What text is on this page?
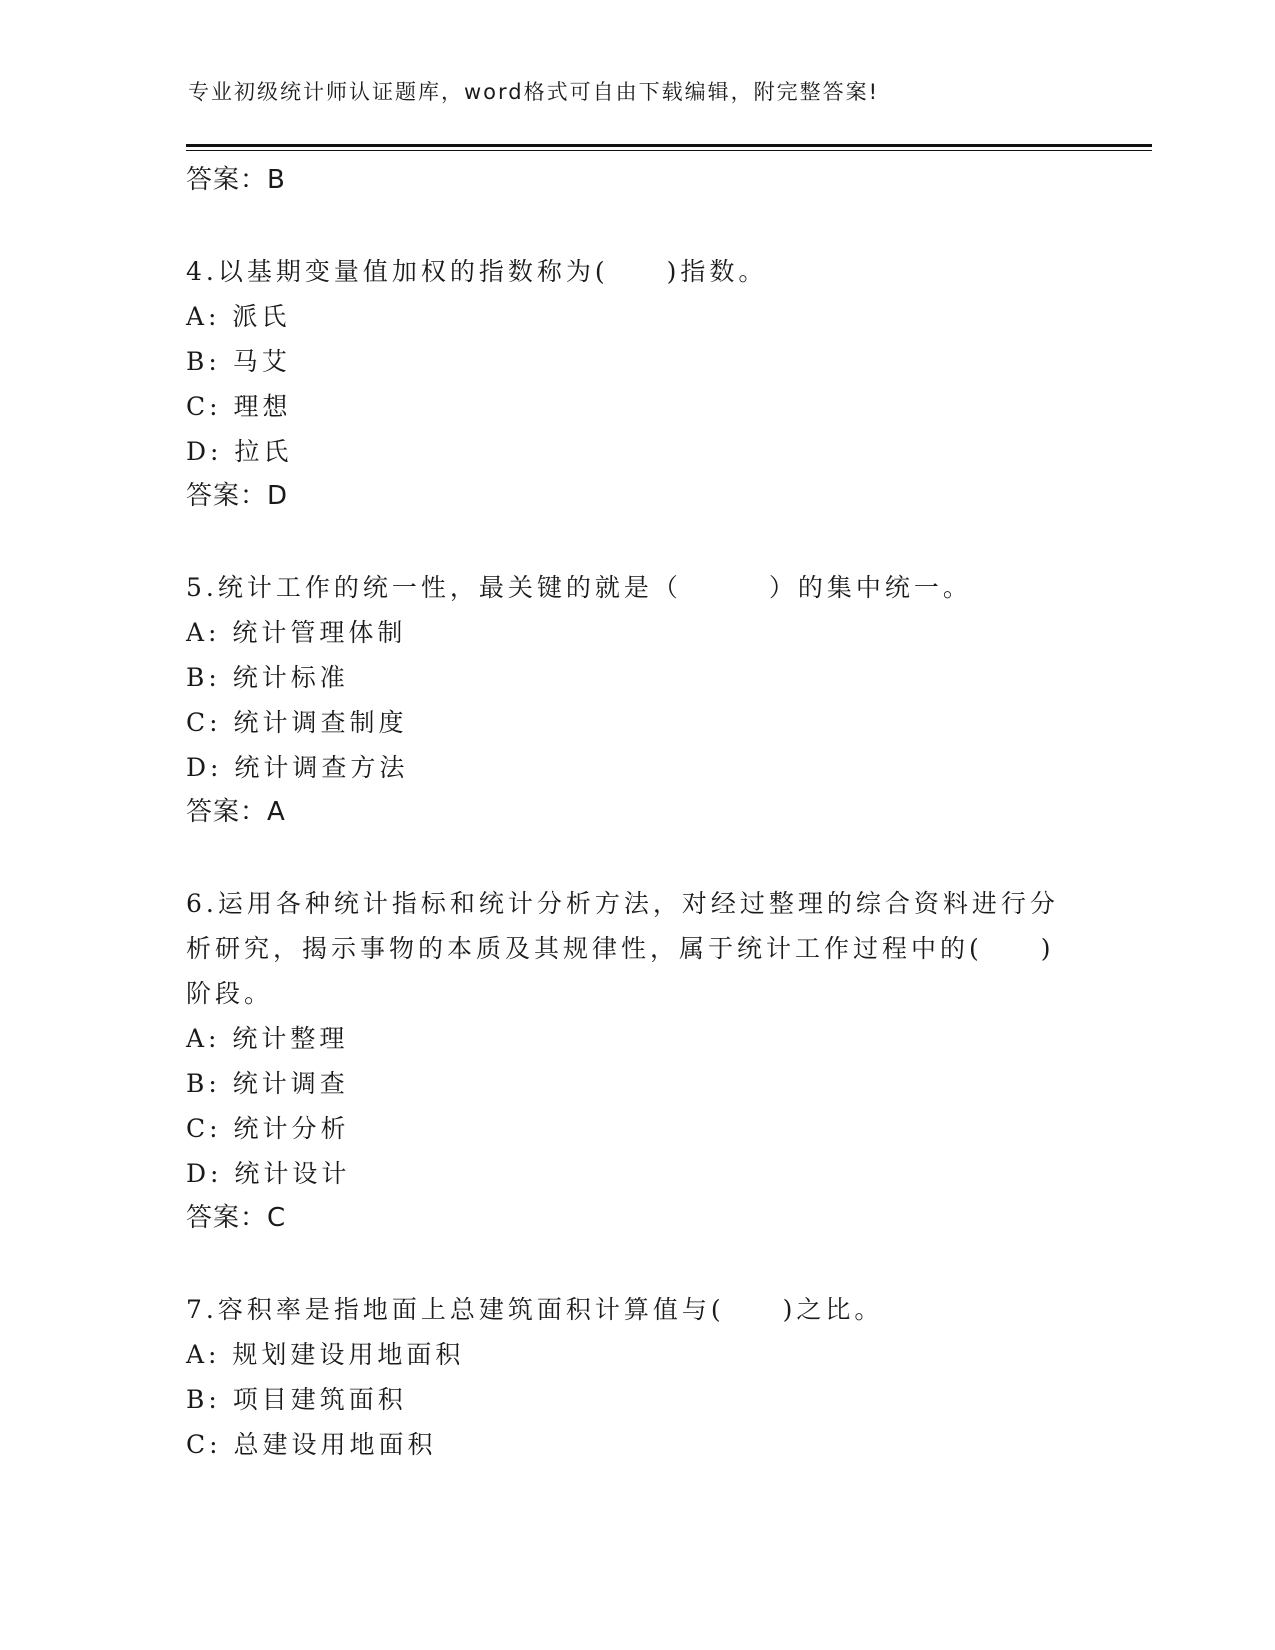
专业初级统计师认证题库，word格式可自由下载编辑，附完整答案!
答案：B
4.以基期变量值加权的指数称为(　　)指数。
A: 派氏
B: 马艾
C: 理想
D: 拉氏
答案：D
5.统计工作的统一性，最关键的就是（　　　）的集中统一。
A: 统计管理体制
B: 统计标准
C: 统计调查制度
D: 统计调查方法
答案：A
6.运用各种统计指标和统计分析方法，对经过整理的综合资料进行分
析研究，揭示事物的本质及其规律性，属于统计工作过程中的(　　)
阶段。
A: 统计整理
B: 统计调查
C: 统计分析
D: 统计设计
答案：C
7.容积率是指地面上总建筑面积计算值与(　　)之比。
A: 规划建设用地面积
B: 项目建筑面积
C: 总建设用地面积
